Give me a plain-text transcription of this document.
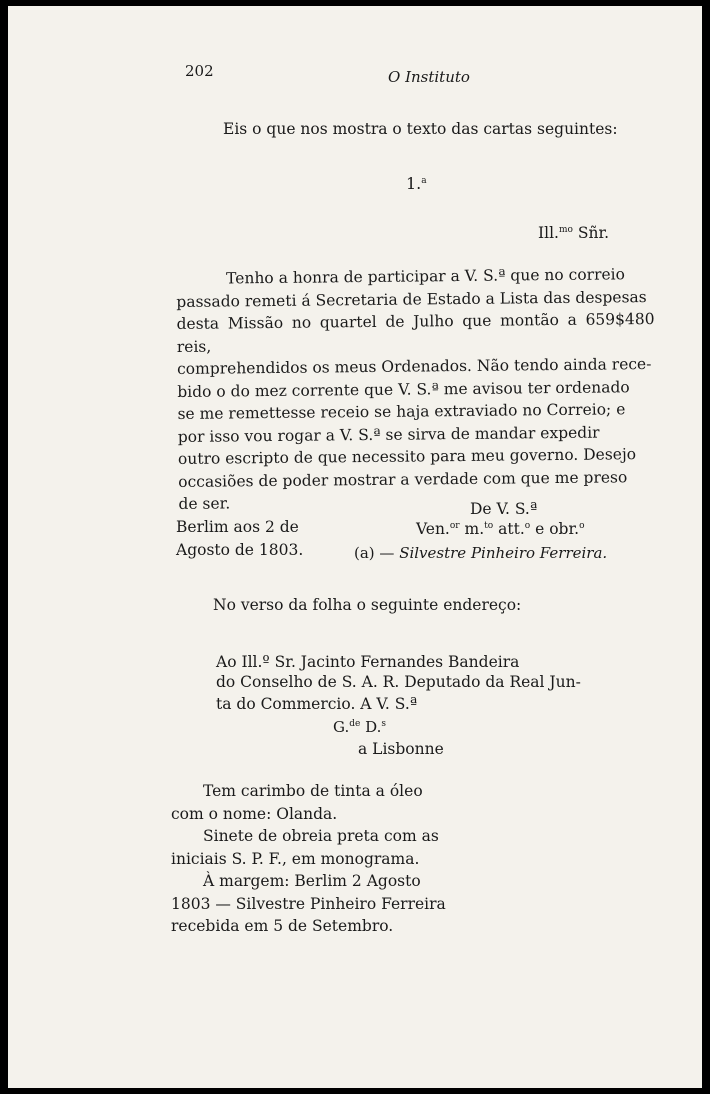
202	O Instituto
Eis o que nos mostra o texto das cartas seguintes:
1.$^a$
Ill.$^{mo}$ Sñr.
Tenho a honra de participar a V. S.ª que no correio
passado remeti á Secretaria de Estado a Lista das despesas
desta Missão no quartel de Julho que montão a 659$480 reis,
comprehendidos os meus Ordenados. Não tendo ainda rece-
bido o do mez corrente que V. S.ª me avisou ter ordenado
se me remettesse receio se haja extraviado no Correio; e
por isso vou rogar a V. S.ª se sirva de mandar expedir
outro escripto de que necessito para meu governo. Desejo
occasiões de poder mostrar a verdade com que me preso
de ser.	De V. S.ª
Berlim aos 2 de
Agosto de 1803.
Ven.$^{or}$ m.$^{to}$ att.$^o$ e obr.$^o$
(a) — Silvestre Pinheiro Ferreira.
No verso da folha o seguinte endereço:
Ao Ill.º Sr. Jacinto Fernandes Bandeira
do Conselho de S. A. R. Deputado da Real Jun-
ta do Commercio. A V. S.ª
G.$^{de}$ D.$^s$
a Lisbonne
Tem carimbo de tinta a óleo
com o nome: Olanda.
Sinete de obreia preta com as
iniciais S. P. F., em monograma.
À margem: Berlim 2 Agosto
1803 — Silvestre Pinheiro Ferreira
recebida em 5 de Setembro.
